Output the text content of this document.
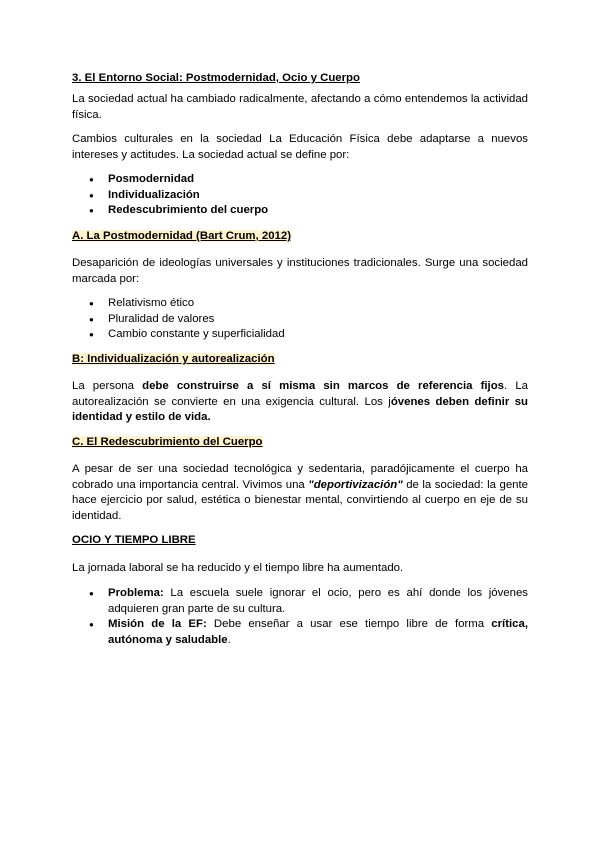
3. El Entorno Social: Postmodernidad, Ocio y Cuerpo

La sociedad actual ha cambiado radicalmente, afectando a cómo entendemos la actividad física.

Cambios culturales en la sociedad La Educación Física debe adaptarse a nuevos intereses y actitudes. La sociedad actual se define por:

● Posmodernidad
● Individualización
● Redescubrimiento del cuerpo

A. La Postmodernidad (Bart Crum, 2012)

Desaparición de ideologías universales y instituciones tradicionales. Surge una sociedad marcada por:

● Relativismo ético
● Pluralidad de valores
● Cambio constante y superficialidad

B: Individualización y autorealización

La persona debe construirse a sí misma sin marcos de referencia fijos. La autorealización se convierte en una exigencia cultural. Los jóvenes deben definir su identidad y estilo de vida.

C. El Redescubrimiento del Cuerpo

A pesar de ser una sociedad tecnológica y sedentaria, paradójicamente el cuerpo ha cobrado una importancia central. Vivimos una "deportivización" de la sociedad: la gente hace ejercicio por salud, estética o bienestar mental, convirtiendo al cuerpo en eje de su identidad.

OCIO Y TIEMPO LIBRE

La jornada laboral se ha reducido y el tiempo libre ha aumentado.

● Problema: La escuela suele ignorar el ocio, pero es ahí donde los jóvenes adquieren gran parte de su cultura.
● Misión de la EF: Debe enseñar a usar ese tiempo libre de forma crítica, autónoma y saludable.
